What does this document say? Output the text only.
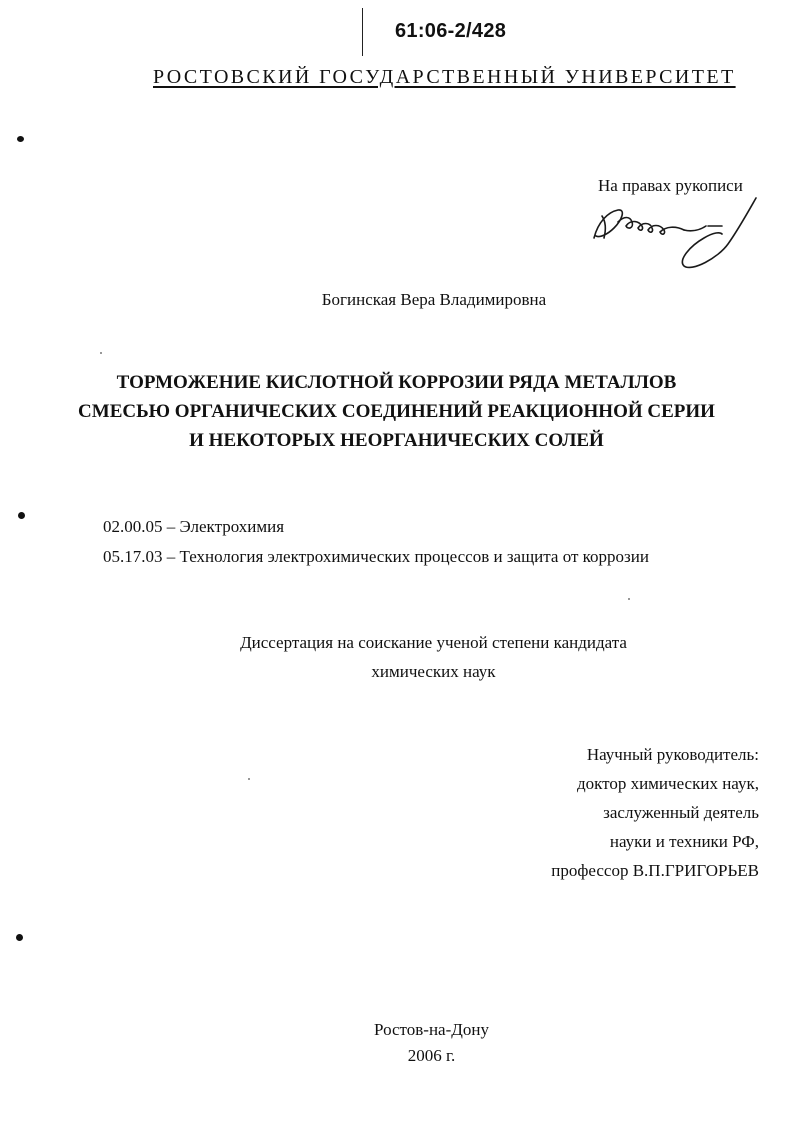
61:06-2/428
РОСТОВСКИЙ ГОСУДАРСТВЕННЫЙ УНИВЕРСИТЕТ
На правах рукописи
Богинская Вера Владимировна
ТОРМОЖЕНИЕ КИСЛОТНОЙ КОРРОЗИИ РЯДА МЕТАЛЛОВ
СМЕСЬЮ ОРГАНИЧЕСКИХ СОЕДИНЕНИЙ РЕАКЦИОННОЙ СЕРИИ
И НЕКОТОРЫХ НЕОРГАНИЧЕСКИХ СОЛЕЙ
02.00.05 – Электрохимия
05.17.03 – Технология электрохимических процессов и защита от коррозии
Диссертация на соискание ученой степени кандидата
химических наук
Научный руководитель:
доктор химических наук,
заслуженный деятель
науки и техники РФ,
профессор В.П.ГРИГОРЬЕВ
Ростов-на-Дону
2006 г.
